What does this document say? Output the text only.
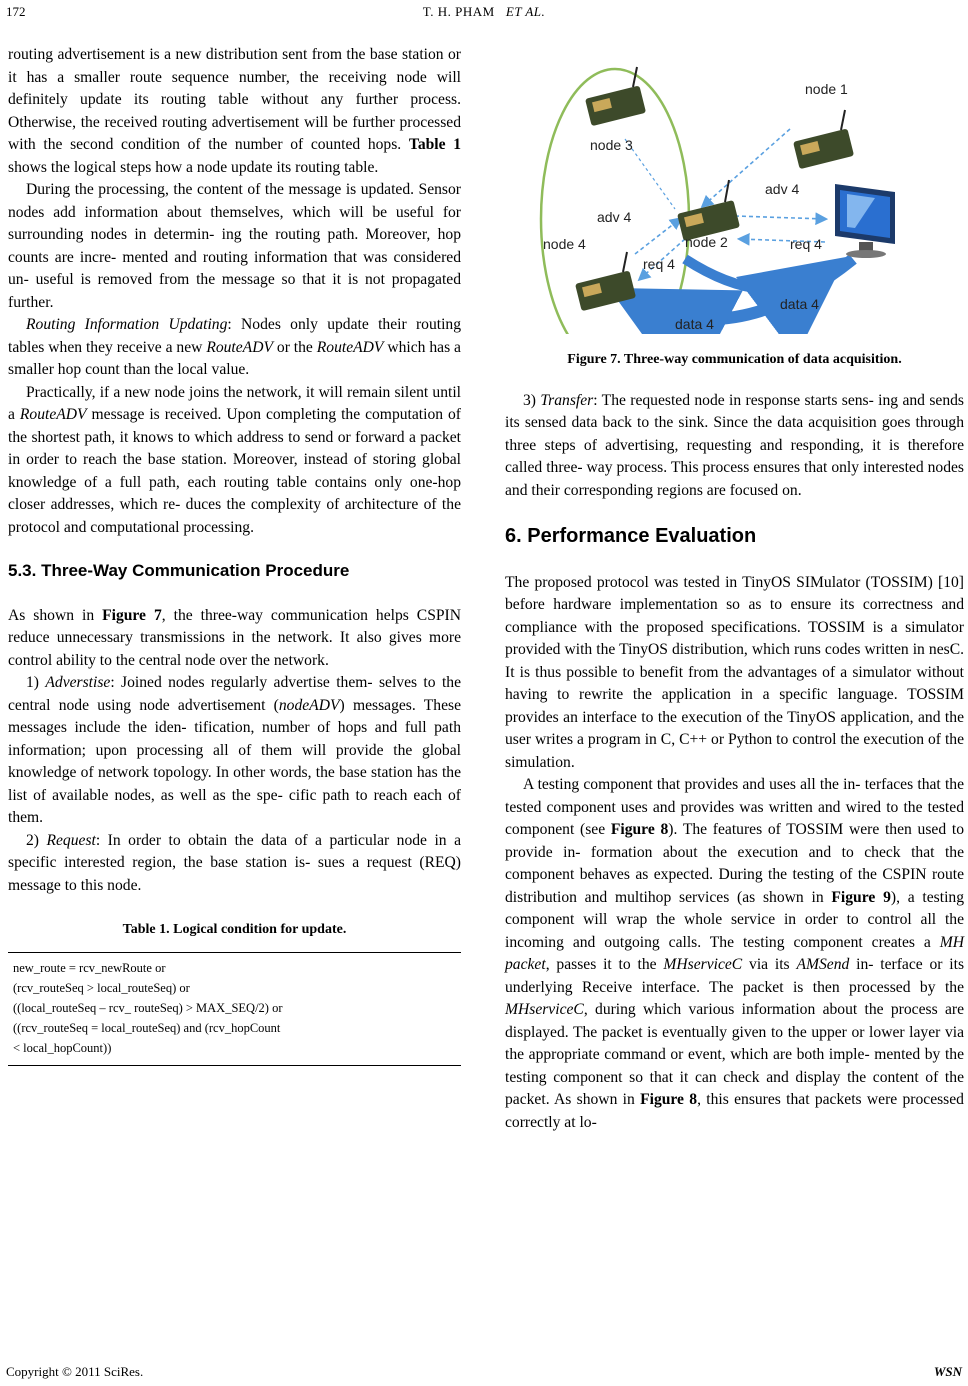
172	T. H. PHAM ET AL.

routing advertisement is a new distribution sent from the base station or it has a smaller route sequence number, the receiving node will definitely update its routing table without any further process. Otherwise, the received routing advertisement will be further processed with the second condition of the number of counted hops. Table 1 shows the logical steps how a node update its routing table.

During the processing, the content of the message is updated. Sensor nodes add information about themselves, which will be useful for surrounding nodes in determin- ing the routing path. Moreover, hop counts are incre- mented and routing information that was considered un- useful is removed from the message so that it is not propagated further.

Routing Information Updating: Nodes only update their routing tables when they receive a new RouteADV or the RouteADV which has a smaller hop count than the local value.

Practically, if a new node joins the network, it will remain silent until a RouteADV message is received. Upon completing the computation of the shortest path, it knows to which address to send or forward a packet in order to reach the base station. Moreover, instead of storing global knowledge of a full path, each routing table contains only one-hop closer addresses, which re- duces the complexity of architecture of the protocol and computational processing.

5.3. Three-Way Communication Procedure

As shown in Figure 7, the three-way communication helps CSPIN reduce unnecessary transmissions in the network. It also gives more control ability to the central node over the network.

1) Adverstise: Joined nodes regularly advertise them- selves to the central node using node advertisement (nodeADV) messages. These messages include the iden- tification, number of hops and full path information; upon processing all of them will provide the global knowledge of network topology. In other words, the base station has the list of available nodes, as well as the spe- cific path to reach each of them.

2) Request: In order to obtain the data of a particular node in a specific interested region, the base station is- sues a request (REQ) message to this node.

Table 1. Logical condition for update.
new_route = rcv_newRoute or
(rcv_routeSeq > local_routeSeq) or
((local_routeSeq – rcv_ routeSeq) > MAX_SEQ/2) or
((rcv_routeSeq = local_routeSeq) and (rcv_hopCount
< local_hopCount))
node 1
node 3
adv 4
adv 4
node 4	node 2	req 4
req 4
data 4
data 4
Figure 7. Three-way communication of data acquisition.

3) Transfer: The requested node in response starts sens- ing and sends its sensed data back to the sink. Since the data acquisition goes through three steps of advertising, requesting and responding, it is therefore called three- way process. This process ensures that only interested nodes and their corresponding regions are focused on.

6. Performance Evaluation

The proposed protocol was tested in TinyOS SIMulator (TOSSIM) [10] before hardware implementation so as to ensure its correctness and compliance with the proposed specifications. TOSSIM is a simulator provided with the TinyOS distribution, which runs codes written in nesC. It is thus possible to benefit from the advantages of a simulator without having to rewrite the application in a specific language. TOSSIM provides an interface to the execution of the TinyOS application, and the user writes a program in C, C++ or Python to control the execution of the simulation.

A testing component that provides and uses all the in- terfaces that the tested component uses and provides was written and wired to the tested component (see Figure 8). The features of TOSSIM were then used to provide in- formation about the execution and to check that the component behaves as expected. During the testing of the CSPIN route distribution and multihop services (as shown in Figure 9), a testing component will wrap the whole service in order to control all the incoming and outgoing calls. The testing component creates a MH packet, passes it to the MHserviceC via its AMSend in- terface or its underlying Receive interface. The packet is then processed by the MHserviceC, during which various information about the process are displayed. The packet is eventually given to the upper or lower layer via the appropriate command or event, which are both imple- mented by the testing component so that it can check and display the content of the packet. As shown in Figure 8, this ensures that packets were processed correctly at lo-

Copyright © 2011 SciRes.	WSN
